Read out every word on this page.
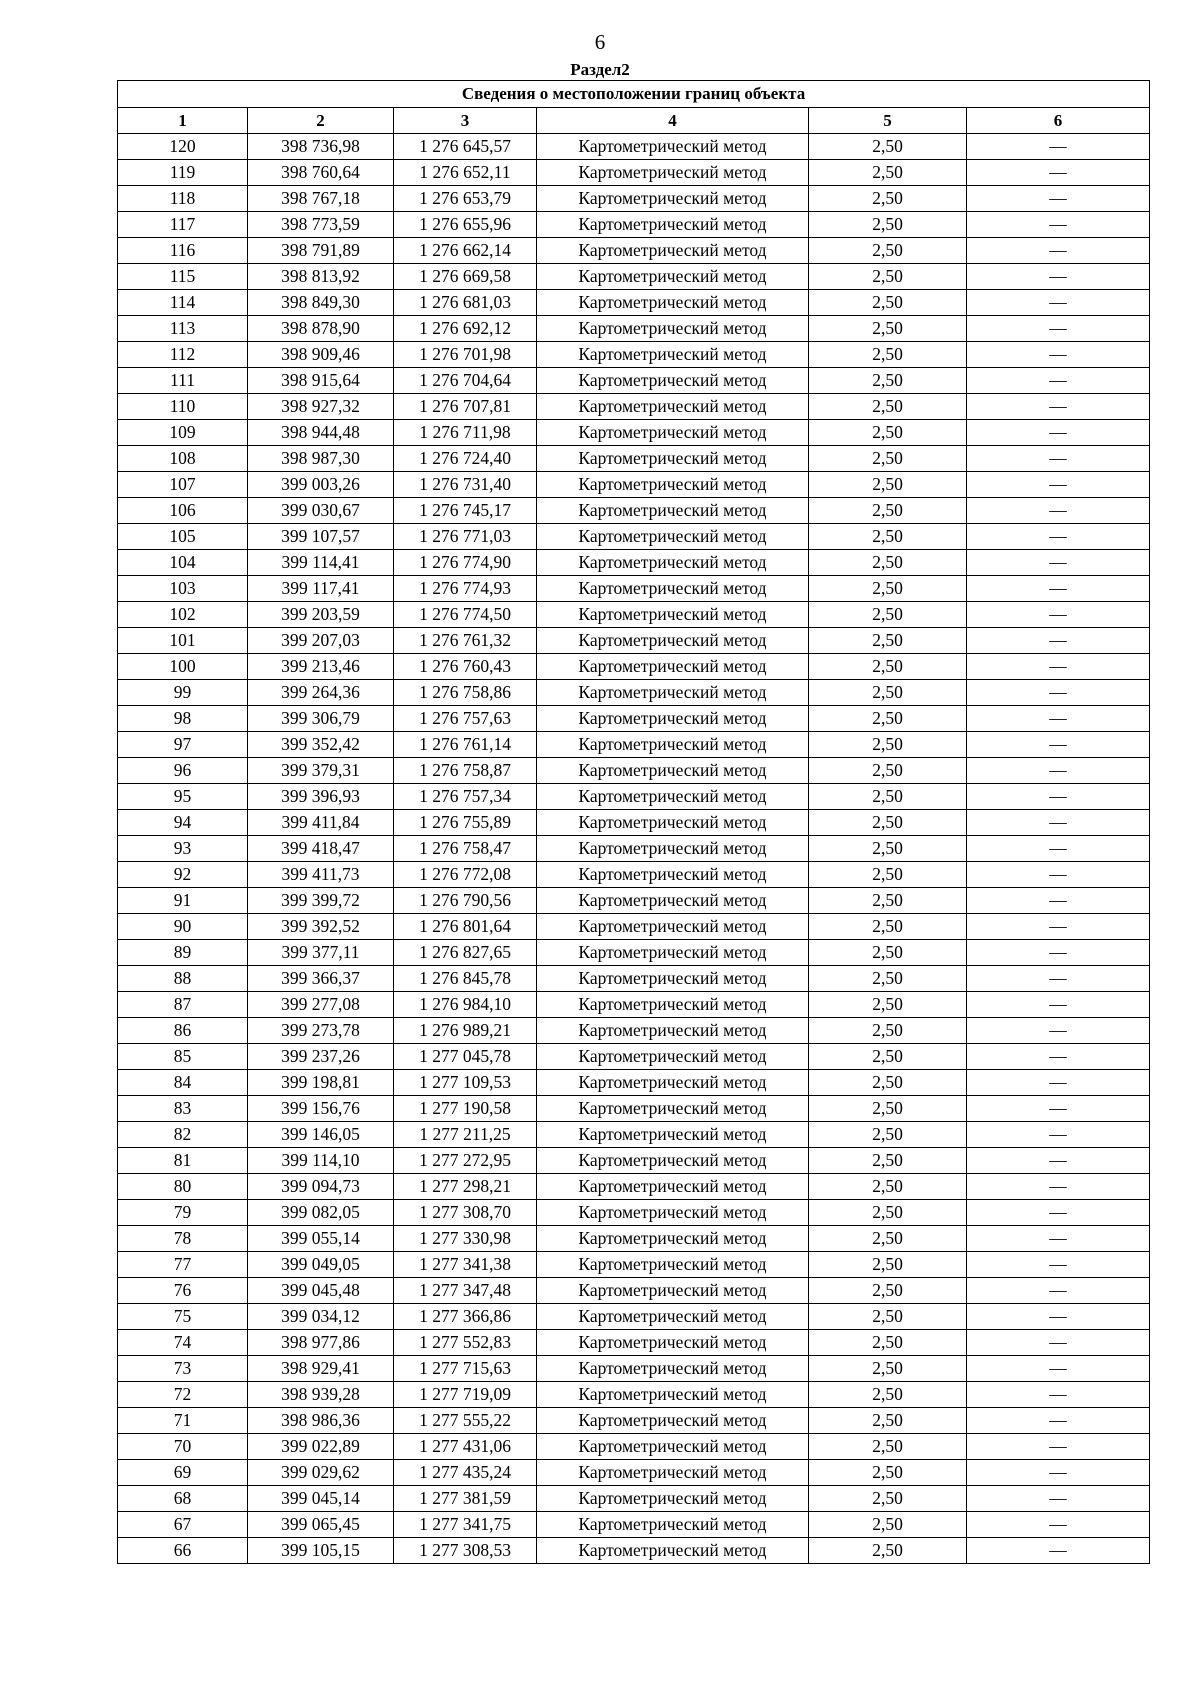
6
Раздел2
Сведения о местоположении границ объекта					
1	2	3	4	5	6
120	398 736,98	1 276 645,57	Картометрический метод	2,50	—
119	398 760,64	1 276 652,11	Картометрический метод	2,50	—
118	398 767,18	1 276 653,79	Картометрический метод	2,50	—
117	398 773,59	1 276 655,96	Картометрический метод	2,50	—
116	398 791,89	1 276 662,14	Картометрический метод	2,50	—
115	398 813,92	1 276 669,58	Картометрический метод	2,50	—
114	398 849,30	1 276 681,03	Картометрический метод	2,50	—
113	398 878,90	1 276 692,12	Картометрический метод	2,50	—
112	398 909,46	1 276 701,98	Картометрический метод	2,50	—
111	398 915,64	1 276 704,64	Картометрический метод	2,50	—
110	398 927,32	1 276 707,81	Картометрический метод	2,50	—
109	398 944,48	1 276 711,98	Картометрический метод	2,50	—
108	398 987,30	1 276 724,40	Картометрический метод	2,50	—
107	399 003,26	1 276 731,40	Картометрический метод	2,50	—
106	399 030,67	1 276 745,17	Картометрический метод	2,50	—
105	399 107,57	1 276 771,03	Картометрический метод	2,50	—
104	399 114,41	1 276 774,90	Картометрический метод	2,50	—
103	399 117,41	1 276 774,93	Картометрический метод	2,50	—
102	399 203,59	1 276 774,50	Картометрический метод	2,50	—
101	399 207,03	1 276 761,32	Картометрический метод	2,50	—
100	399 213,46	1 276 760,43	Картометрический метод	2,50	—
99	399 264,36	1 276 758,86	Картометрический метод	2,50	—
98	399 306,79	1 276 757,63	Картометрический метод	2,50	—
97	399 352,42	1 276 761,14	Картометрический метод	2,50	—
96	399 379,31	1 276 758,87	Картометрический метод	2,50	—
95	399 396,93	1 276 757,34	Картометрический метод	2,50	—
94	399 411,84	1 276 755,89	Картометрический метод	2,50	—
93	399 418,47	1 276 758,47	Картометрический метод	2,50	—
92	399 411,73	1 276 772,08	Картометрический метод	2,50	—
91	399 399,72	1 276 790,56	Картометрический метод	2,50	—
90	399 392,52	1 276 801,64	Картометрический метод	2,50	—
89	399 377,11	1 276 827,65	Картометрический метод	2,50	—
88	399 366,37	1 276 845,78	Картометрический метод	2,50	—
87	399 277,08	1 276 984,10	Картометрический метод	2,50	—
86	399 273,78	1 276 989,21	Картометрический метод	2,50	—
85	399 237,26	1 277 045,78	Картометрический метод	2,50	—
84	399 198,81	1 277 109,53	Картометрический метод	2,50	—
83	399 156,76	1 277 190,58	Картометрический метод	2,50	—
82	399 146,05	1 277 211,25	Картометрический метод	2,50	—
81	399 114,10	1 277 272,95	Картометрический метод	2,50	—
80	399 094,73	1 277 298,21	Картометрический метод	2,50	—
79	399 082,05	1 277 308,70	Картометрический метод	2,50	—
78	399 055,14	1 277 330,98	Картометрический метод	2,50	—
77	399 049,05	1 277 341,38	Картометрический метод	2,50	—
76	399 045,48	1 277 347,48	Картометрический метод	2,50	—
75	399 034,12	1 277 366,86	Картометрический метод	2,50	—
74	398 977,86	1 277 552,83	Картометрический метод	2,50	—
73	398 929,41	1 277 715,63	Картометрический метод	2,50	—
72	398 939,28	1 277 719,09	Картометрический метод	2,50	—
71	398 986,36	1 277 555,22	Картометрический метод	2,50	—
70	399 022,89	1 277 431,06	Картометрический метод	2,50	—
69	399 029,62	1 277 435,24	Картометрический метод	2,50	—
68	399 045,14	1 277 381,59	Картометрический метод	2,50	—
67	399 065,45	1 277 341,75	Картометрический метод	2,50	—
66	399 105,15	1 277 308,53	Картометрический метод	2,50	—
